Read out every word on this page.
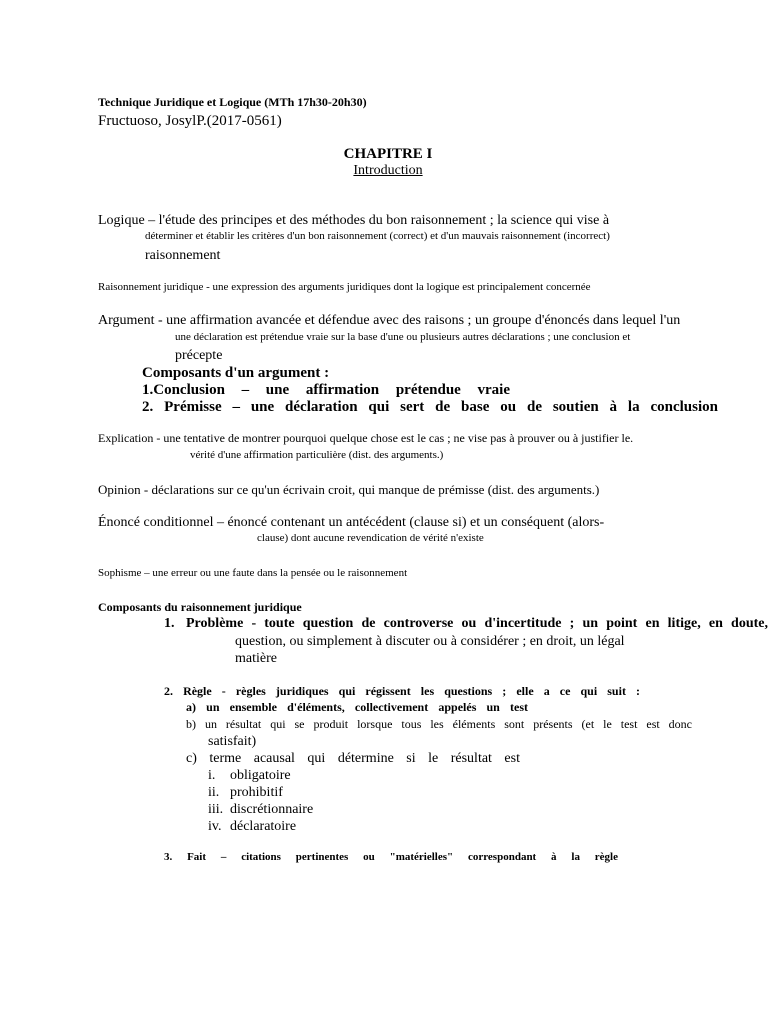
Technique Juridique et Logique (MTh 17h30-20h30)
Fructuoso, JosylP.(2017-0561)
CHAPITRE I
Introduction
Logique – l'étude des principes et des méthodes du bon raisonnement ; la science qui vise à
déterminer et établir les critères d'un bon raisonnement (correct) et d'un mauvais raisonnement (incorrect)
raisonnement
Raisonnement juridique - une expression des arguments juridiques dont la logique est principalement concernée
Argument - une affirmation avancée et défendue avec des raisons ; un groupe d'énoncés dans lequel l'un
une déclaration est prétendue vraie sur la base d'une ou plusieurs autres déclarations ; une conclusion et
précepte
Composants d'un argument :
1.Conclusion – une affirmation prétendue vraie
2. Prémisse – une déclaration qui sert de base ou de soutien à la conclusion
Explication - une tentative de montrer pourquoi quelque chose est le cas ; ne vise pas à prouver ou à justifier le.
vérité d'une affirmation particulière (dist. des arguments.)
Opinion - déclarations sur ce qu'un écrivain croit, qui manque de prémisse (dist. des arguments.)
Énoncé conditionnel – énoncé contenant un antécédent (clause si) et un conséquent (alors-
clause) dont aucune revendication de vérité n'existe
Sophisme – une erreur ou une faute dans la pensée ou le raisonnement
Composants du raisonnement juridique
1. Problème - toute question de controverse ou d'incertitude ; un point en litige, en doute,
question, ou simplement à discuter ou à considérer ; en droit, un légal
matière
2. Règle - règles juridiques qui régissent les questions ; elle a ce qui suit :
a) un ensemble d'éléments, collectivement appelés un test
b) un résultat qui se produit lorsque tous les éléments sont présents (et le test est donc
satisfait)
c) terme acausal qui détermine si le résultat est
i. obligatoire
ii. prohibitif
iii. discrétionnaire
iv. déclaratoire
3. Fait – citations pertinentes ou "matérielles" correspondant à la règle
